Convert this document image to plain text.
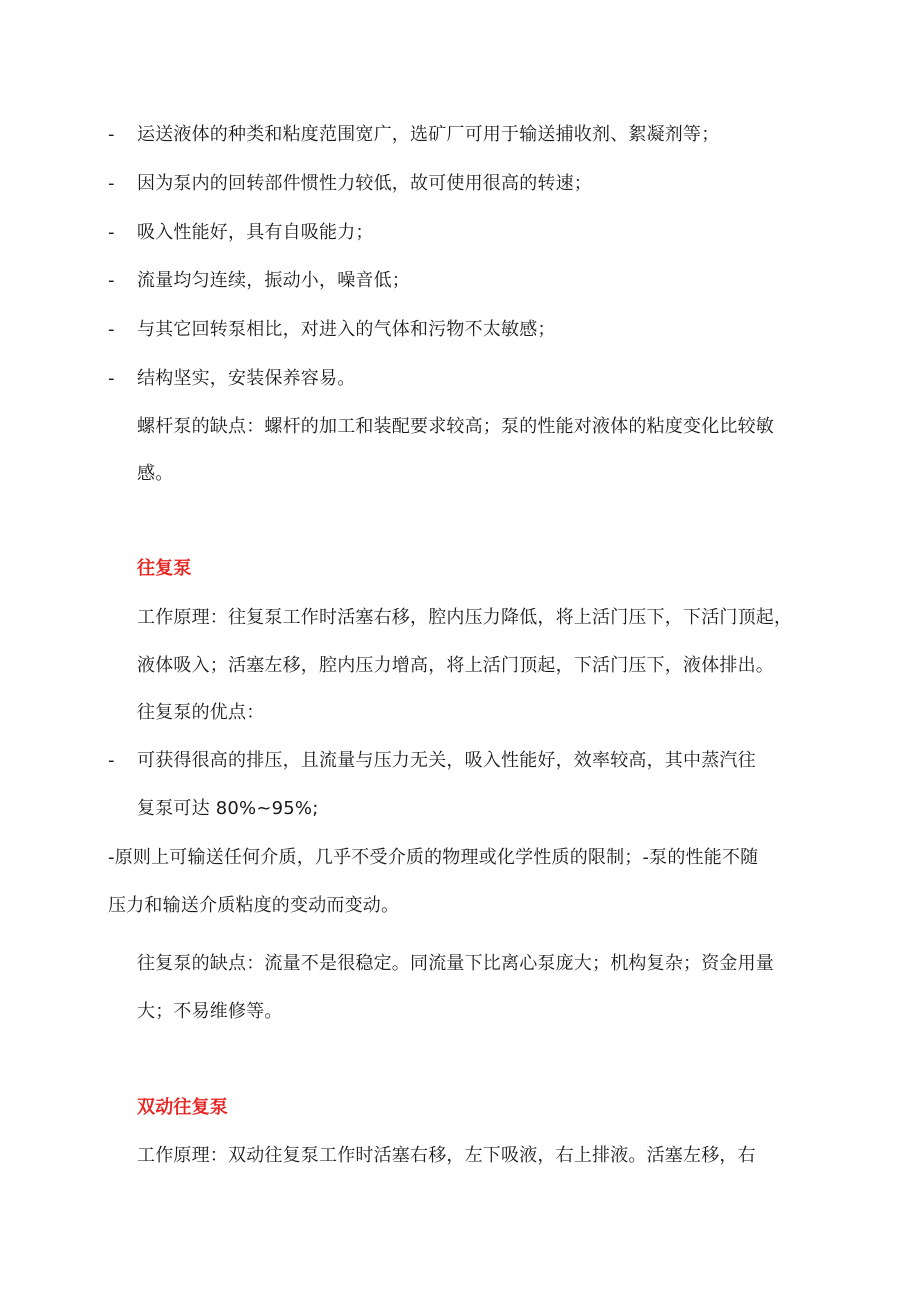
- 运送液体的种类和粘度范围宽广，选矿厂可用于输送捕收剂、絮凝剂等；
- 因为泵内的回转部件惯性力较低，故可使用很高的转速；
- 吸入性能好，具有自吸能力；
- 流量均匀连续，振动小，噪音低；
- 与其它回转泵相比，对进入的气体和污物不太敏感；
- 结构坚实，安装保养容易。
螺杆泵的缺点：螺杆的加工和装配要求较高；泵的性能对液体的粘度变化比较敏
感。
往复泵
工作原理：往复泵工作时活塞右移，腔内压力降低，将上活门压下，下活门顶起，
液体吸入；活塞左移，腔内压力增高，将上活门顶起，下活门压下，液体排出。
往复泵的优点：
- 可获得很高的排压，且流量与压力无关，吸入性能好，效率较高，其中蒸汽往
复泵可达 80%~95%;
-原则上可输送任何介质，几乎不受介质的物理或化学性质的限制；-泵的性能不随
压力和输送介质粘度的变动而变动。
往复泵的缺点：流量不是很稳定。同流量下比离心泵庞大；机构复杂；资金用量
大；不易维修等。
双动往复泵
工作原理：双动往复泵工作时活塞右移，左下吸液，右上排液。活塞左移，右
